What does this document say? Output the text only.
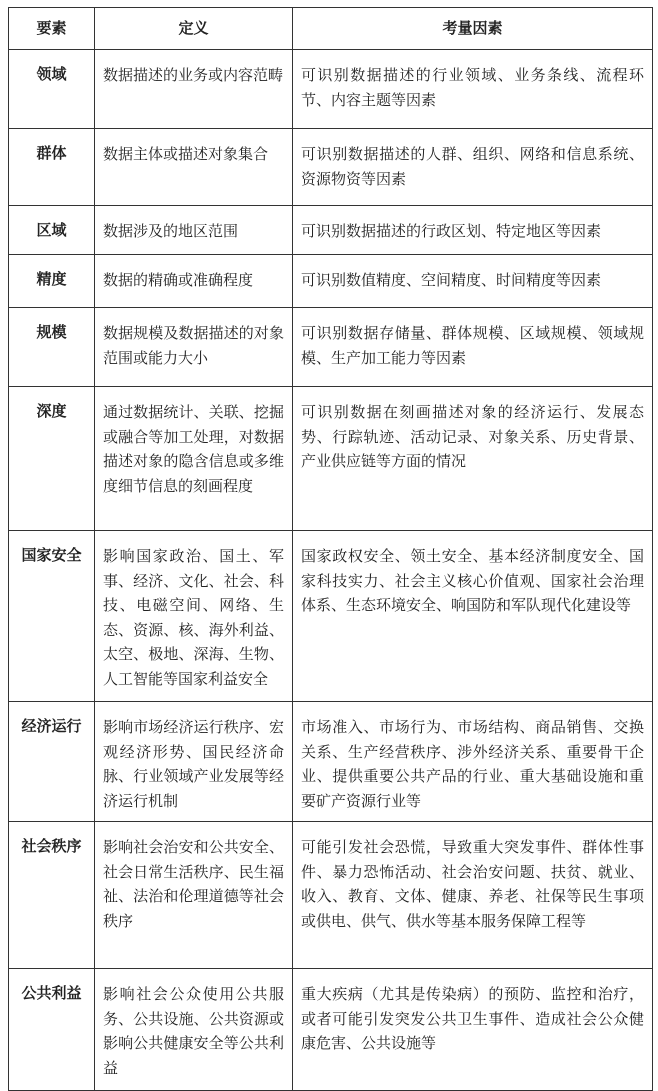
要素	定义	考量因素
领域	数据描述的业务或内容范畴	可识别数据描述的行业领域、业务条线、流程环节、内容主题等因素
群体	数据主体或描述对象集合	可识别数据描述的人群、组织、网络和信息系统、资源物资等因素
区域	数据涉及的地区范围	可识别数据描述的行政区划、特定地区等因素
精度	数据的精确或准确程度	可识别数值精度、空间精度、时间精度等因素
规模	数据规模及数据描述的对象范围或能力大小	可识别数据存储量、群体规模、区域规模、领域规模、生产加工能力等因素
深度	通过数据统计、关联、挖掘或融合等加工处理，对数据描述对象的隐含信息或多维度细节信息的刻画程度	可识别数据在刻画描述对象的经济运行、发展态势、行踪轨迹、活动记录、对象关系、历史背景、产业供应链等方面的情况
国家安全	影响国家政治、国土、军事、经济、文化、社会、科技、电磁空间、网络、生态、资源、核、海外利益、太空、极地、深海、生物、人工智能等国家利益安全	国家政权安全、领土安全、基本经济制度安全、国家科技实力、社会主义核心价值观、国家社会治理体系、生态环境安全、响国防和军队现代化建设等
经济运行	影响市场经济运行秩序、宏观经济形势、国民经济命脉、行业领域产业发展等经济运行机制	市场准入、市场行为、市场结构、商品销售、交换关系、生产经营秩序、涉外经济关系、重要骨干企业、提供重要公共产品的行业、重大基础设施和重要矿产资源行业等
社会秩序	影响社会治安和公共安全、社会日常生活秩序、民生福祉、法治和伦理道德等社会秩序	可能引发社会恐慌，导致重大突发事件、群体性事件、暴力恐怖活动、社会治安问题、扶贫、就业、收入、教育、文体、健康、养老、社保等民生事项或供电、供气、供水等基本服务保障工程等
公共利益	影响社会公众使用公共服务、公共设施、公共资源或影响公共健康安全等公共利益	重大疾病（尤其是传染病）的预防、监控和治疗，或者可能引发突发公共卫生事件、造成社会公众健康危害、公共设施等
